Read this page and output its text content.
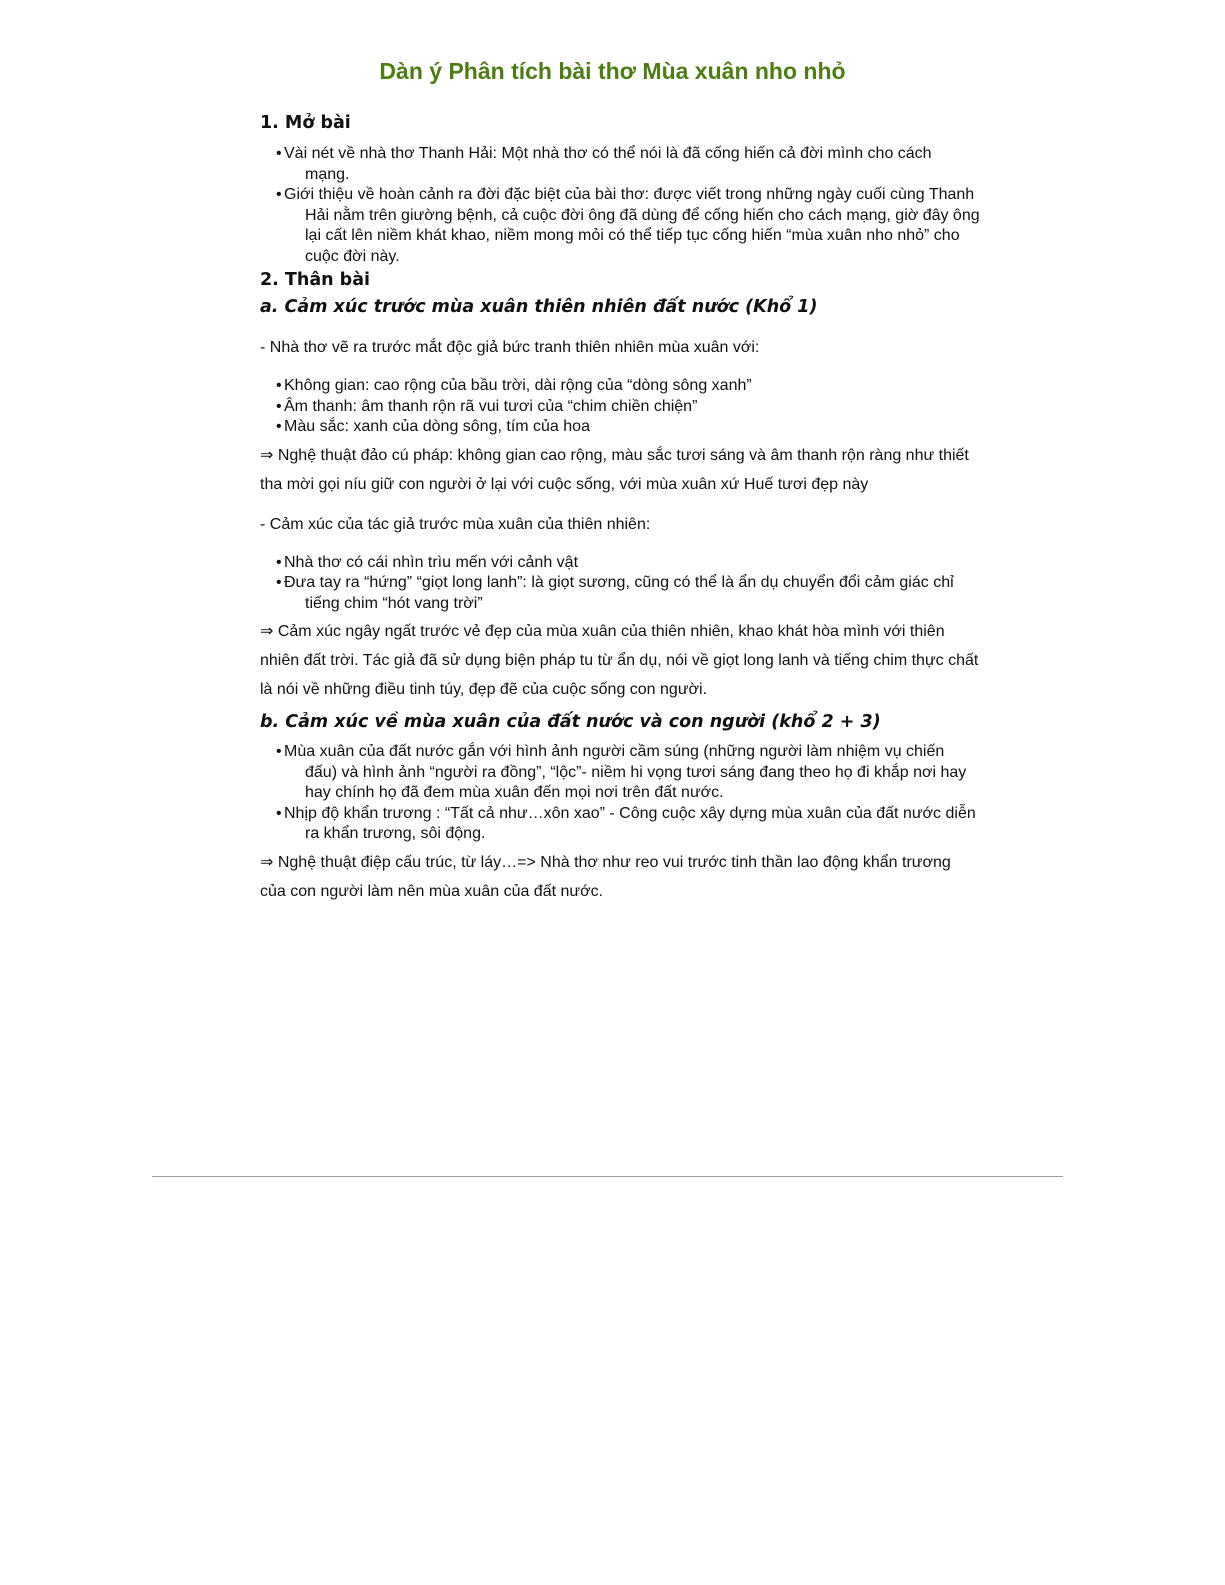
Dàn ý Phân tích bài thơ Mùa xuân nho nhỏ
1. Mở bài
• Vài nét về nhà thơ Thanh Hải: Một nhà thơ có thể nói là đã cống hiến cả đời mình cho cách mạng.
• Giới thiệu về hoàn cảnh ra đời đặc biệt của bài thơ: được viết trong những ngày cuối cùng Thanh Hải nằm trên giường bệnh, cả cuộc đời ông đã dùng để cống hiến cho cách mạng, giờ đây ông lại cất lên niềm khát khao, niềm mong mỏi có thể tiếp tục cống hiến “mùa xuân nho nhỏ” cho cuộc đời này.
2. Thân bài
a. Cảm xúc trước mùa xuân thiên nhiên đất nước (Khổ 1)

- Nhà thơ vẽ ra trước mắt độc giả bức tranh thiên nhiên mùa xuân với:

• Không gian: cao rộng của bầu trời, dài rộng của “dòng sông xanh”
• Âm thanh: âm thanh rộn rã vui tươi của “chim chiền chiện”
• Màu sắc: xanh của dòng sông, tím của hoa

⇒ Nghệ thuật đảo cú pháp: không gian cao rộng, màu sắc tươi sáng và âm thanh rộn ràng như thiết tha mời gọi níu giữ con người ở lại với cuộc sống, với mùa xuân xứ Huế tươi đẹp này

- Cảm xúc của tác giả trước mùa xuân của thiên nhiên:

• Nhà thơ có cái nhìn trìu mến với cảnh vật
• Đưa tay ra “hứng” “giọt long lanh”: là giọt sương, cũng có thể là ẩn dụ chuyển đổi cảm giác chỉ tiếng chim “hót vang trời”

⇒ Cảm xúc ngây ngất trước vẻ đẹp của mùa xuân của thiên nhiên, khao khát hòa mình với thiên nhiên đất trời. Tác giả đã sử dụng biện pháp tu từ ẩn dụ, nói về giọt long lanh và tiếng chim thực chất là nói về những điều tinh túy, đẹp đẽ của cuộc sống con người.

b. Cảm xúc về mùa xuân của đất nước và con người (khổ 2 + 3)
• Mùa xuân của đất nước gắn với hình ảnh người cầm súng (những người làm nhiệm vụ chiến đấu) và hình ảnh “người ra đồng”, “lộc”- niềm hi vọng tươi sáng đang theo họ đi khắp nơi hay hay chính họ đã đem mùa xuân đến mọi nơi trên đất nước.
• Nhịp độ khẩn trương : “Tất cả như…xôn xao” - Công cuộc xây dựng mùa xuân của đất nước diễn ra khẩn trương, sôi động.

⇒ Nghệ thuật điệp cấu trúc, từ láy…=> Nhà thơ như reo vui trước tinh thần lao động khẩn trương của con người làm nên mùa xuân của đất nước.
